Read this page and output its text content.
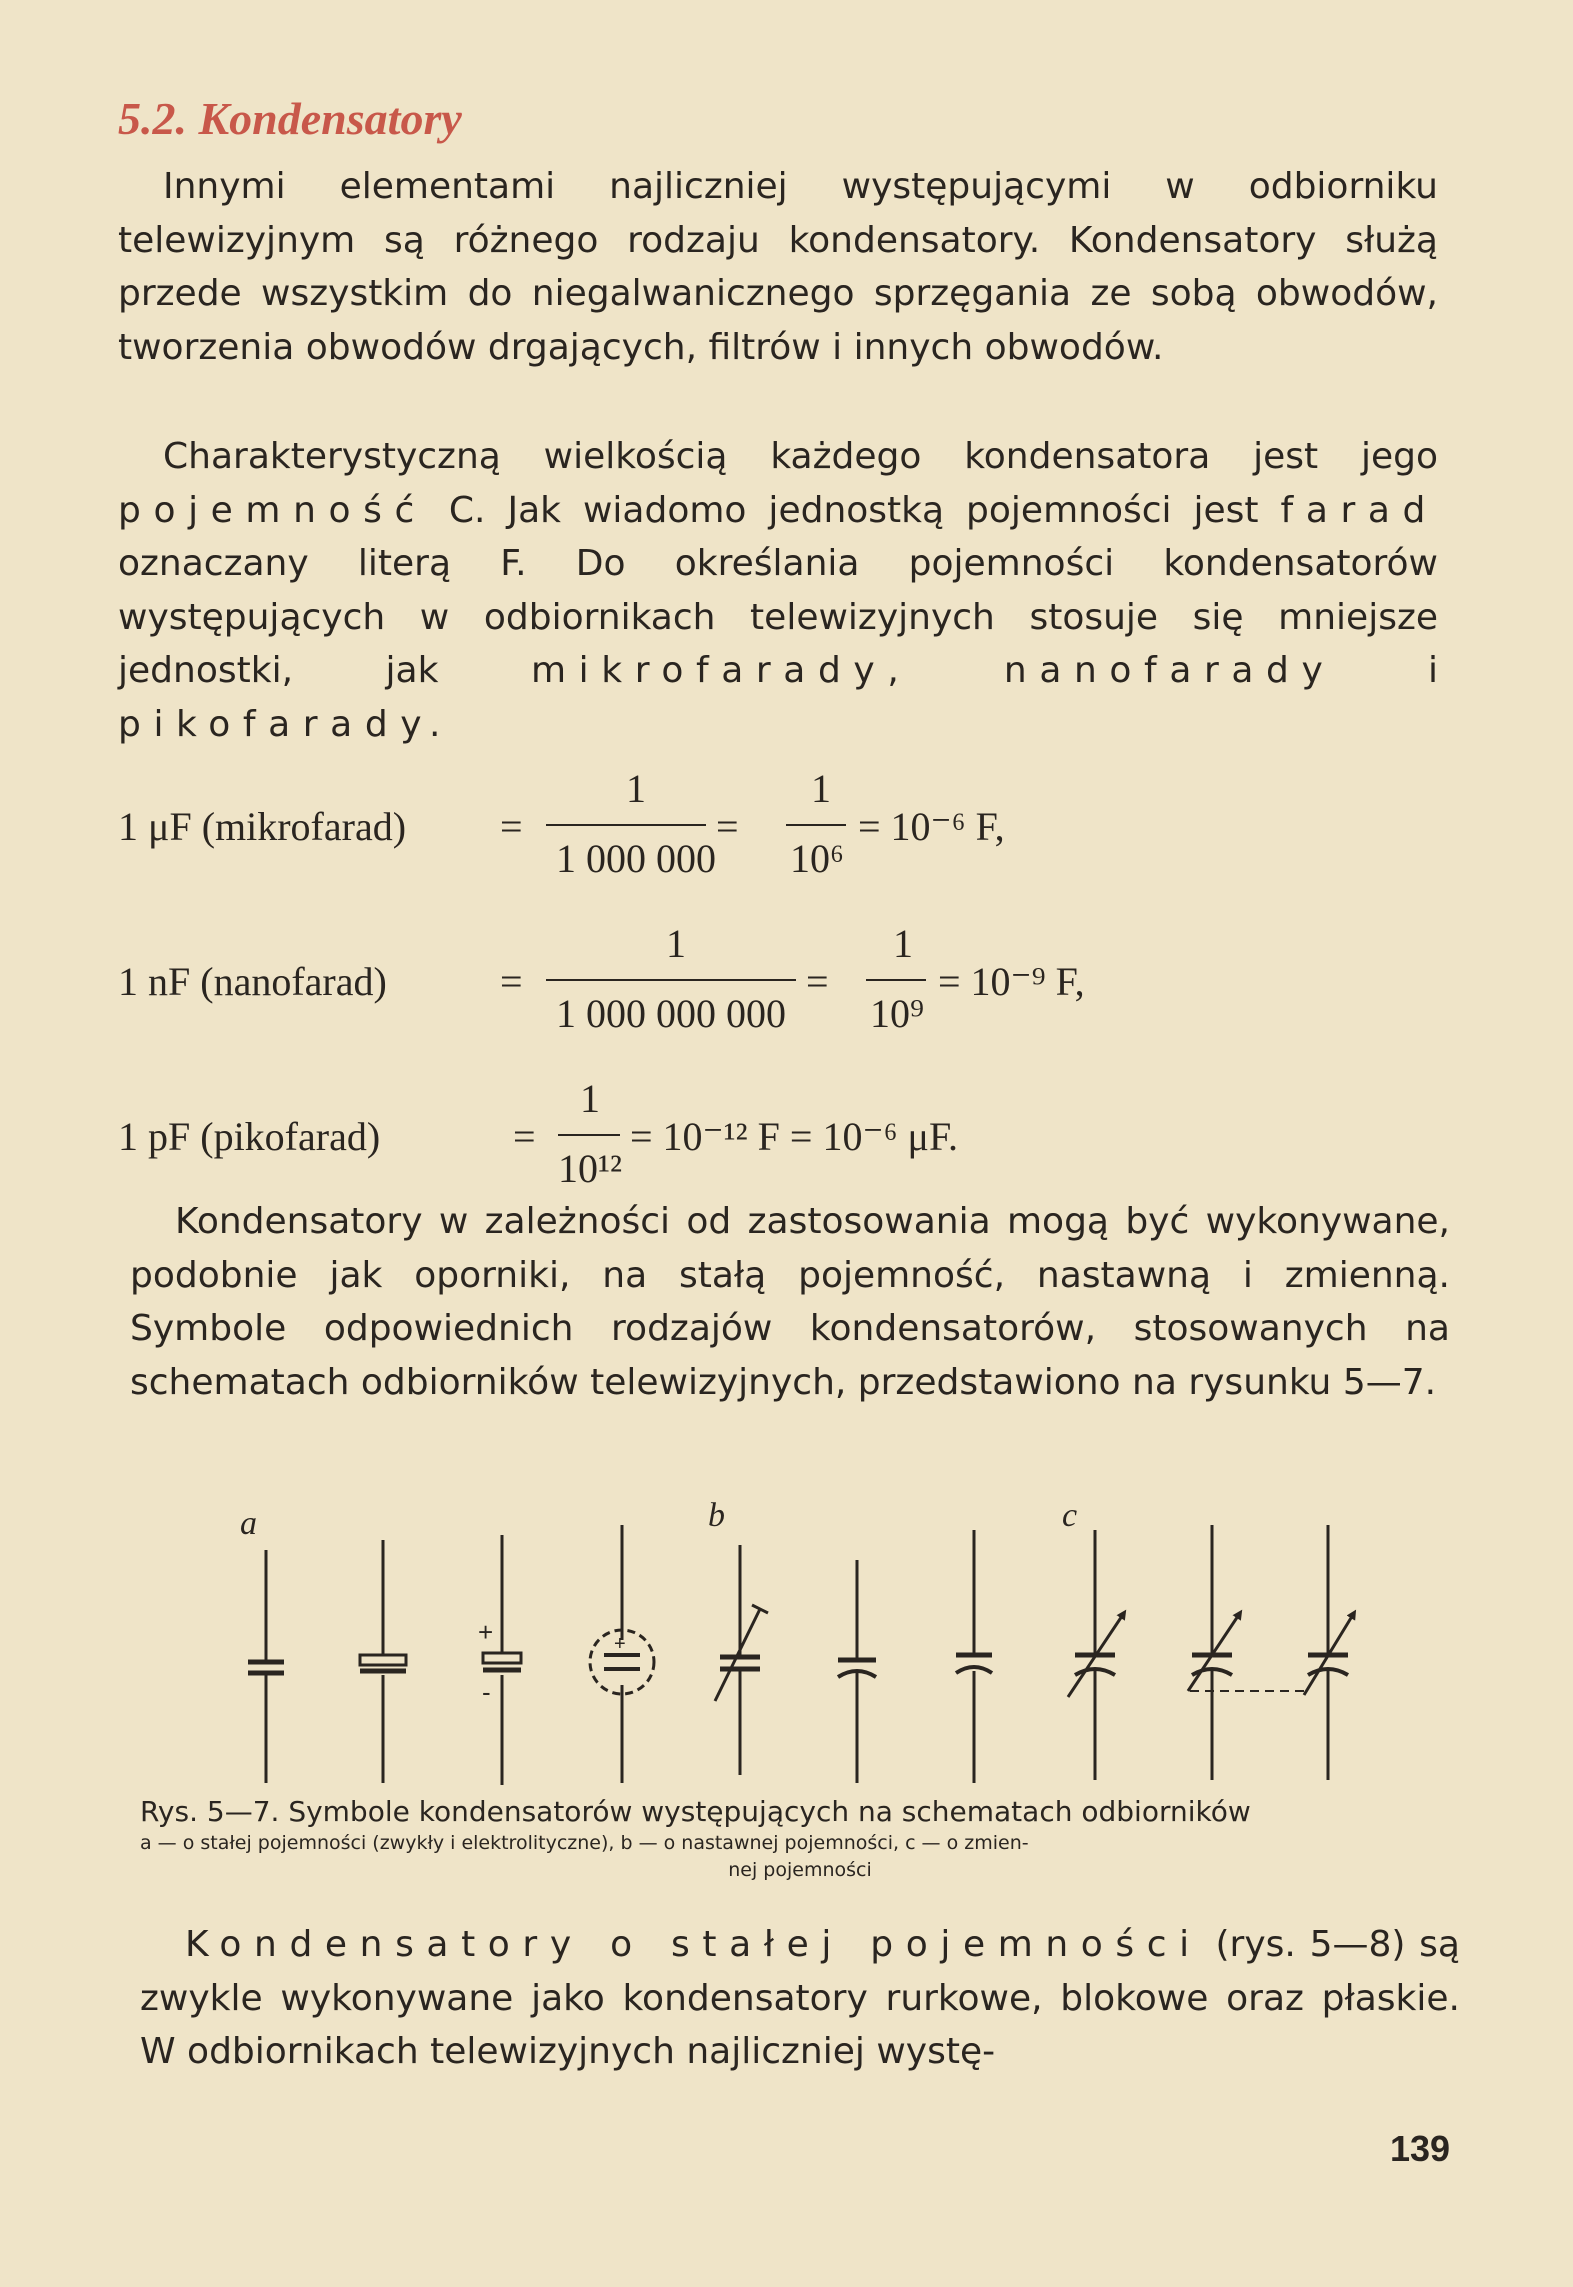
5.2. Kondensatory

Innymi elementami najliczniej występującymi w odbiorniku telewizyjnym są różnego rodzaju kondensatory. Kondensatory służą przede wszystkim do niegalwanicznego sprzęgania ze sobą obwodów, tworzenia obwodów drgających, filtrów i innych obwodów.

Charakterystyczną wielkością każdego kondensatora jest jego pojemność C. Jak wiadomo jednostką pojemności jest farad oznaczany literą F. Do określania pojemności kondensatorów występujących w odbiornikach telewizyjnych stosuje się mniejsze jednostki, jak	mikrofarady,	nanofarady	i pikofarady.

1 μF (mikrofarad) =
1
1 000 000
=
1
10⁶
= 10⁻⁶ F,
1 nF (nanofarad)	=
1
1 000 000 000
=
1
10⁹
= 10⁻⁹ F,
1 pF (pikofarad)	=
1
10¹²
= 10⁻¹² F = 10⁻⁶ μF.

Kondensatory w zależności od zastosowania mogą być wykonywane, podobnie jak oporniki, na stałą pojemność, nastawną i zmienną. Symbole odpowiednich rodzajów kondensatorów, stosowanych na schematach odbiorników telewizyjnych, przedstawiono na rysunku 5—7.

a	b	c
+
-
+

Rys. 5—7. Symbole kondensatorów występujących na schematach odbiorników
a — o stałej pojemności (zwykły i elektrolityczne), b — o nastawnej pojemności, c — o zmien-
nej pojemności

Kondensatory o stałej pojemności (rys. 5—8) są zwykle wykonywane jako kondensatory rurkowe, blokowe oraz płaskie. W odbiornikach telewizyjnych najliczniej wystę-

139
